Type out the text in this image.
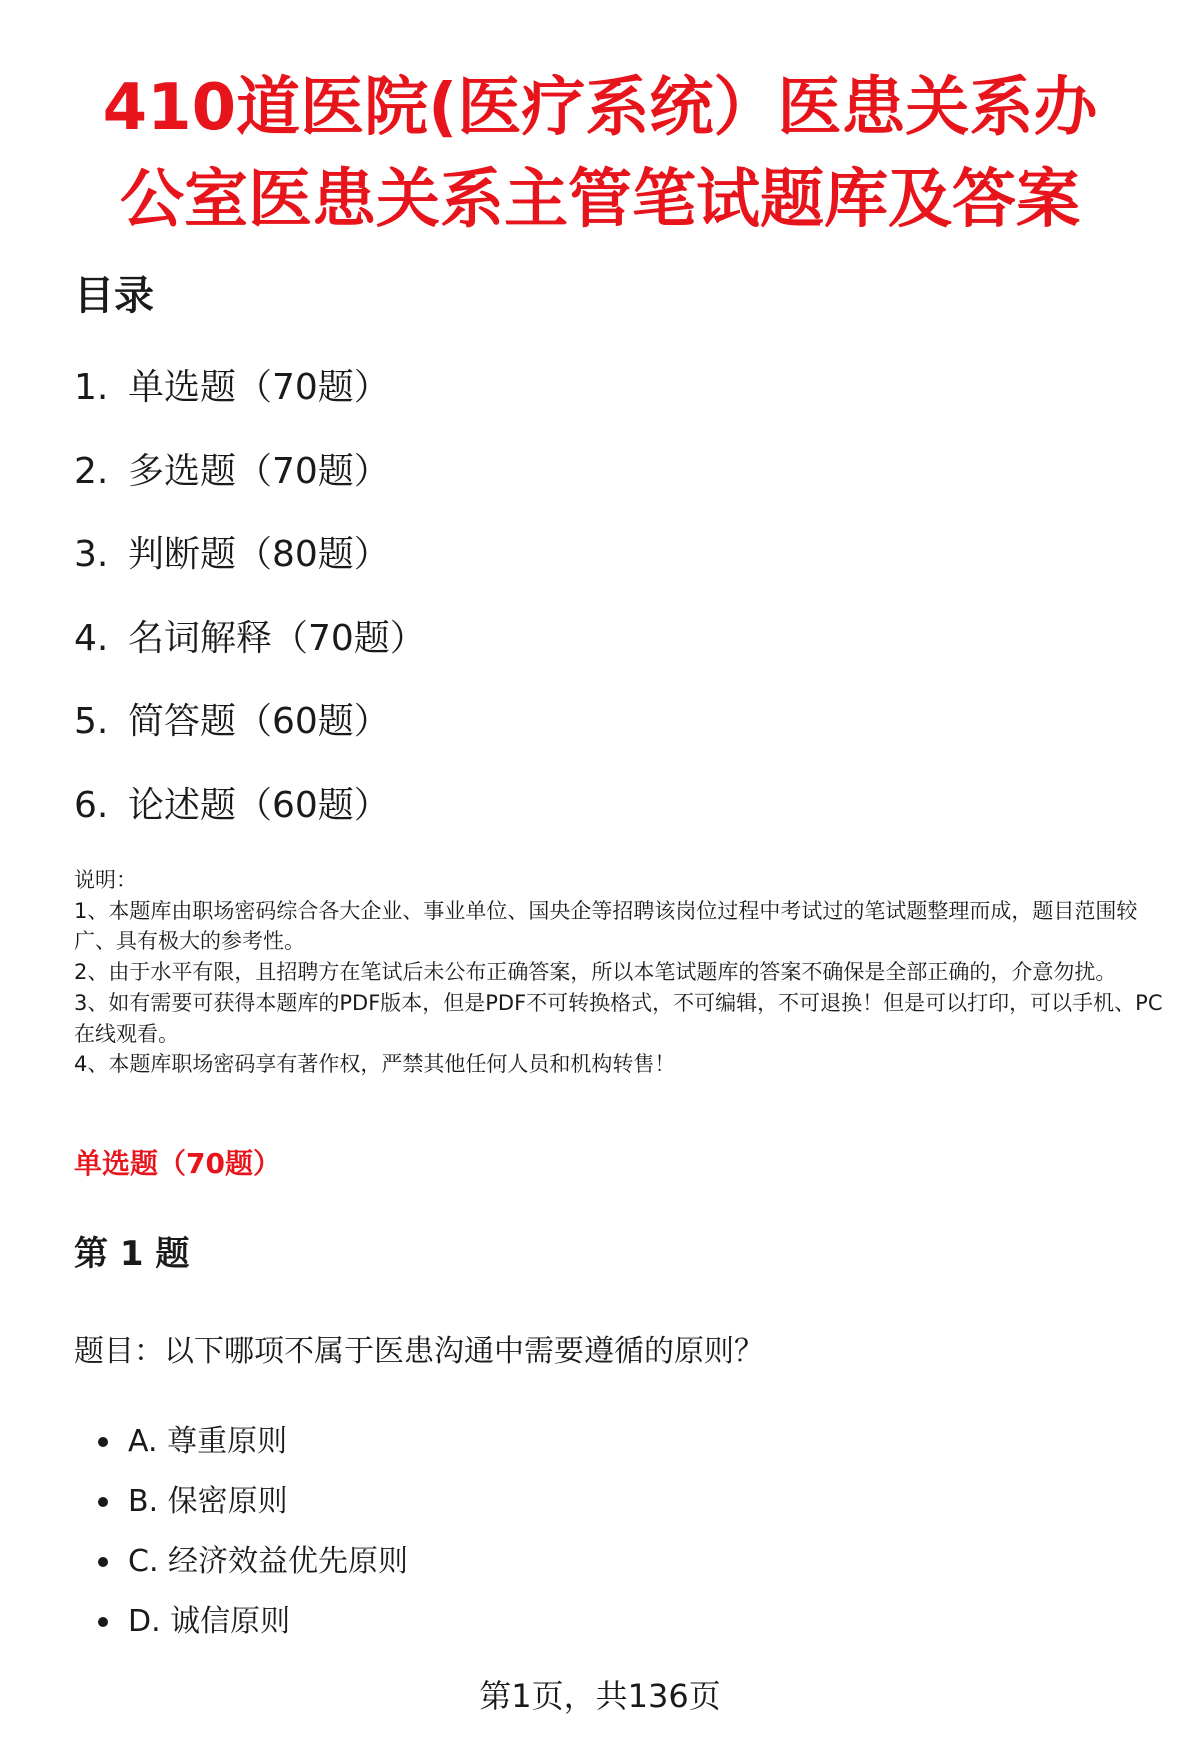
410道医院(医疗系统）医患关系办
公室医患关系主管笔试题库及答案
目录
1. 单选题（70题）
2. 多选题（70题）
3. 判断题（80题）
4. 名词解释（70题）
5. 简答题（60题）
6. 论述题（60题）

说明：

1、本题库由职场密码综合各大企业、事业单位、国央企等招聘该岗位过程中考试过的笔试题整理而成，题目范围较广、具有极大的参考性。

2、由于水平有限，且招聘方在笔试后未公布正确答案，所以本笔试题库的答案不确保是全部正确的，介意勿扰。

3、如有需要可获得本题库的PDF版本，但是PDF不可转换格式，不可编辑，不可退换！但是可以打印，可以手机、PC在线观看。

4、本题库职场密码享有著作权，严禁其他任何人员和机构转售！

单选题（70题）
第 1 题
题目：以下哪项不属于医患沟通中需要遵循的原则？
A. 尊重原则
B. 保密原则
C. 经济效益优先原则
D. 诚信原则
第1页，共136页
